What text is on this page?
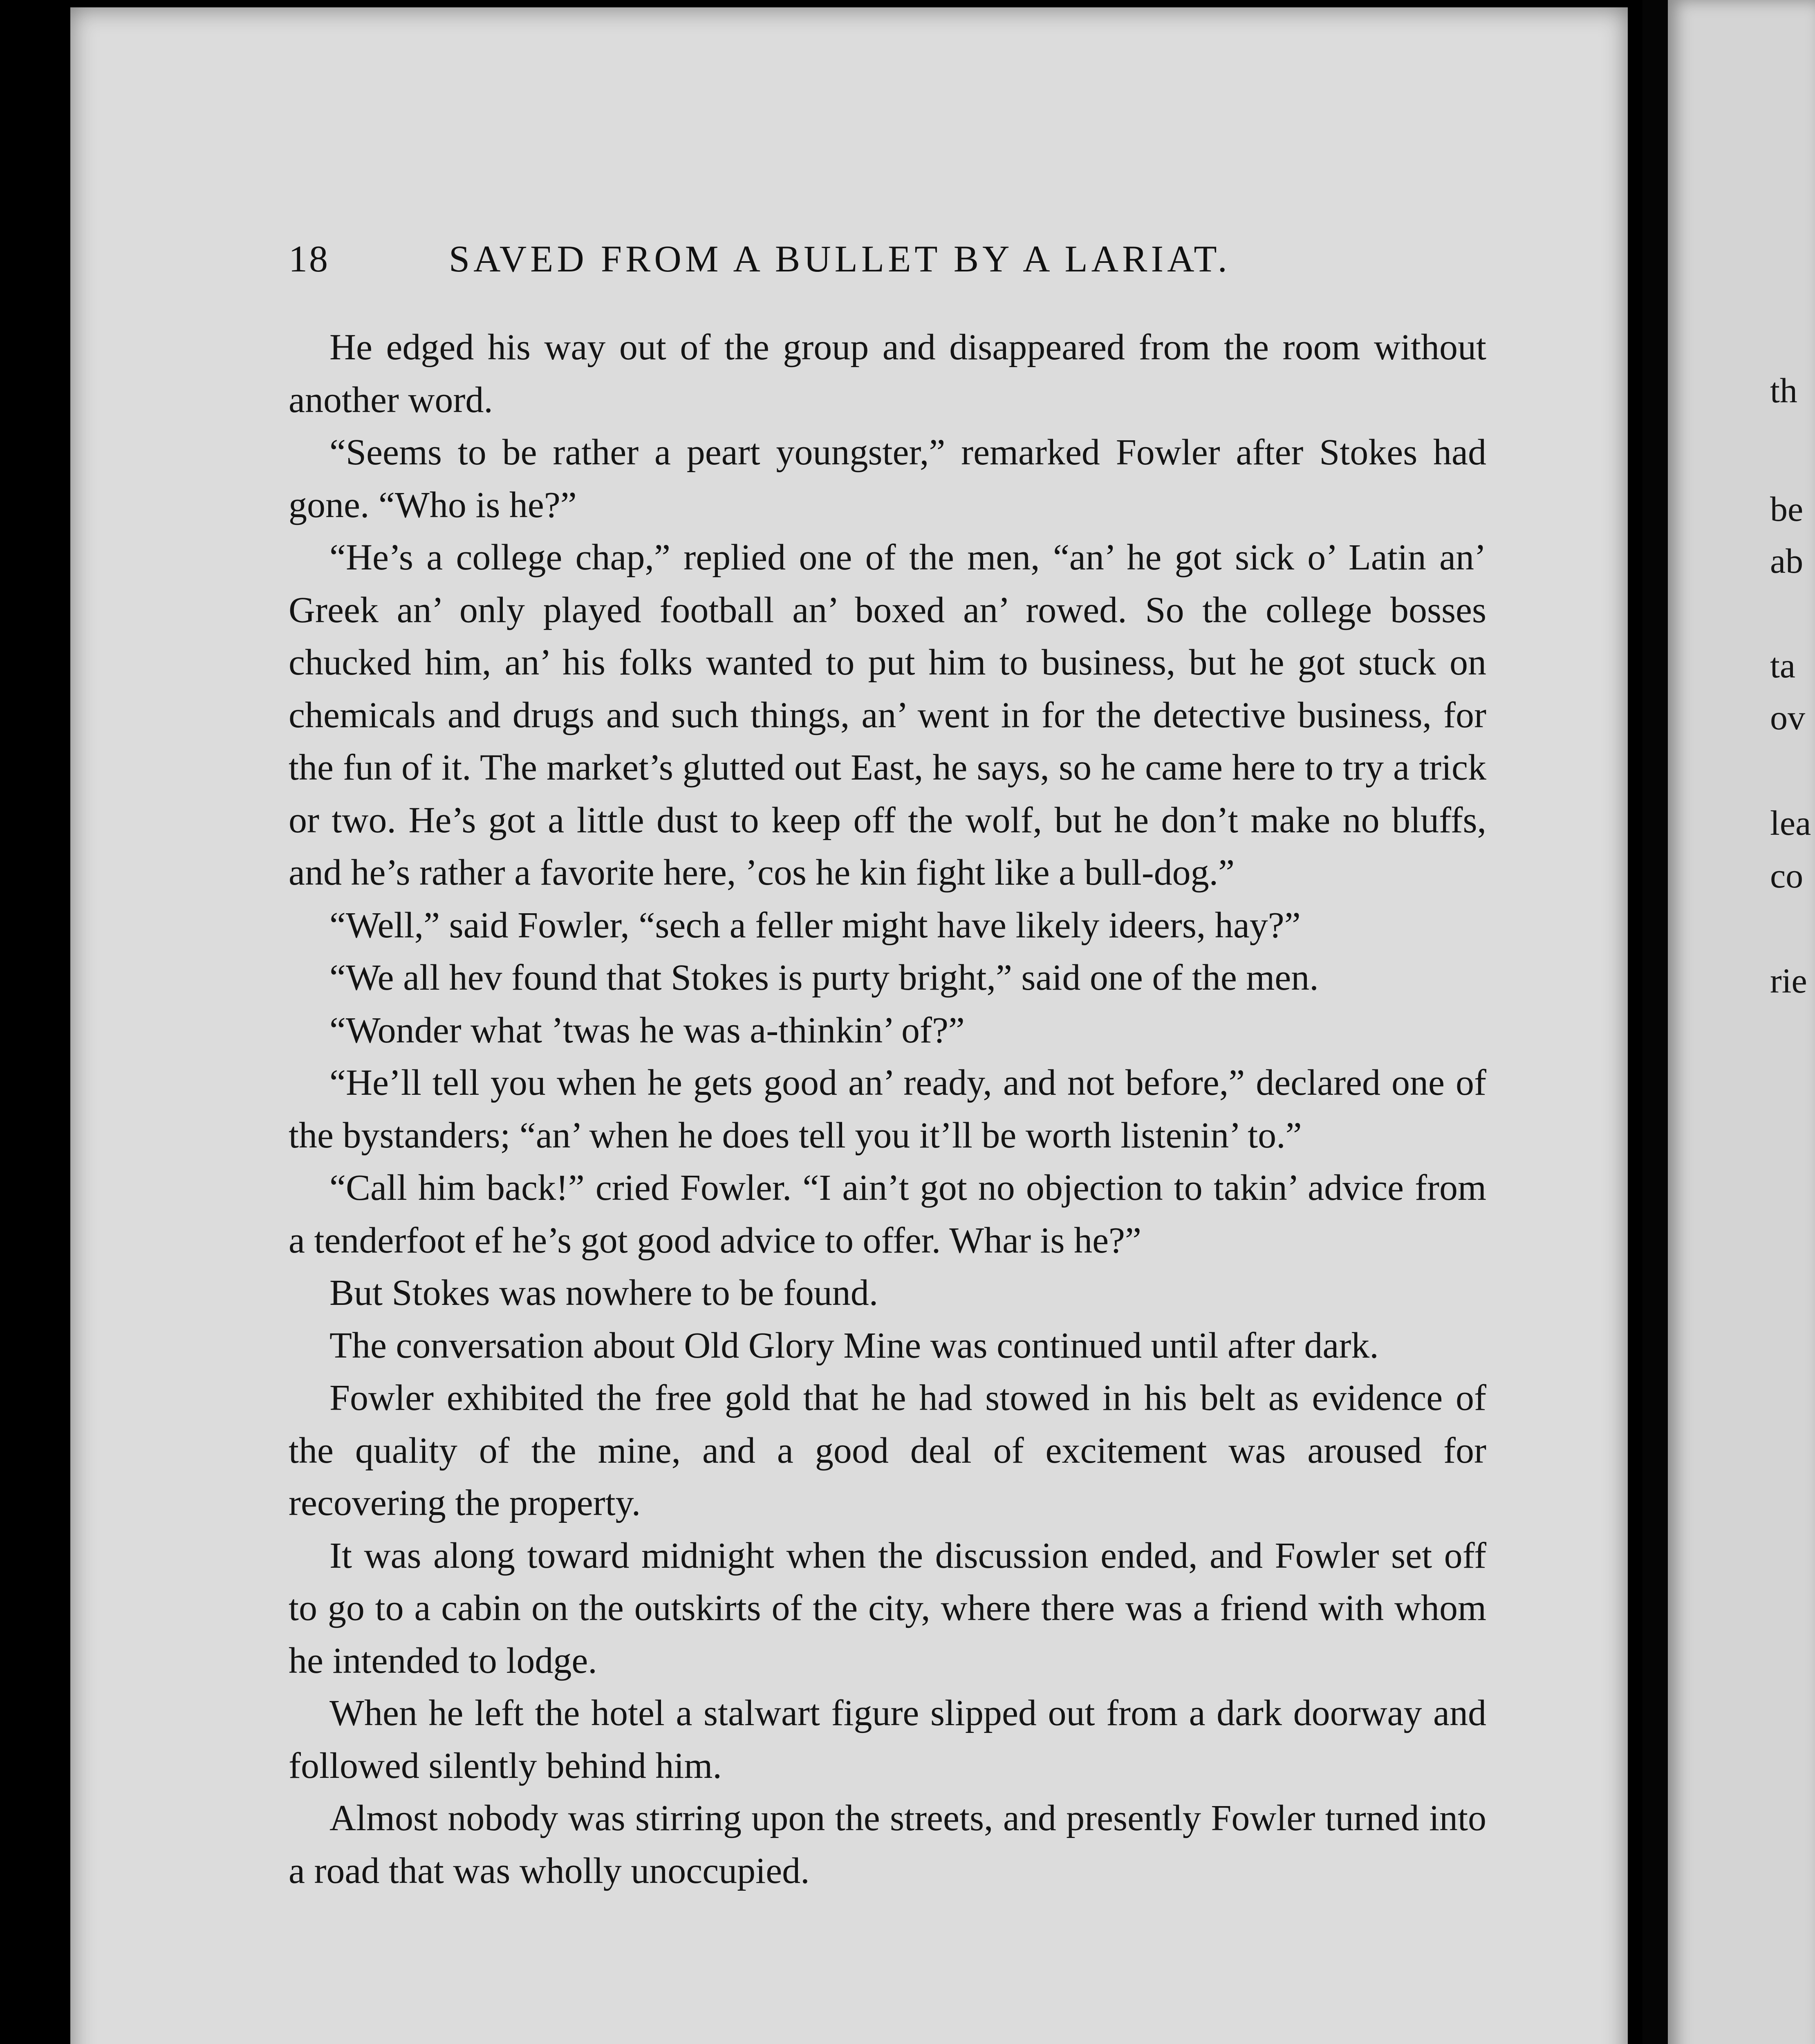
18	SAVED FROM A BULLET BY A LARIAT.

He edged his way out of the group and disappeared from the room without another word.

“Seems to be rather a peart youngster,” remarked Fowler after Stokes had gone. “Who is he?”

“He’s a college chap,” replied one of the men, “an’ he got sick o’ Latin an’ Greek an’ only played football an’ boxed an’ rowed. So the college bosses chucked him, an’ his folks wanted to put him to business, but he got stuck on chemicals and drugs and such things, an’ went in for the detective business, for the fun of it. The market’s glutted out East, he says, so he came here to try a trick or two. He’s got a little dust to keep off the wolf, but he don’t make no bluffs, and he’s rather a favorite here, ’cos he kin fight like a bull-dog.”

“Well,” said Fowler, “sech a feller might have likely ideers, hay?”

“We all hev found that Stokes is purty bright,” said one of the men.

“Wonder what ’twas he was a-thinkin’ of?”

“He’ll tell you when he gets good an’ ready, and not before,” declared one of the bystanders; “an’ when he does tell you it’ll be worth listenin’ to.”

“Call him back!” cried Fowler. “I ain’t got no objection to takin’ advice from a tenderfoot ef he’s got good advice to offer. Whar is he?”

But Stokes was nowhere to be found.

The conversation about Old Glory Mine was continued until after dark.

Fowler exhibited the free gold that he had stowed in his belt as evidence of the quality of the mine, and a good deal of excitement was aroused for recovering the property.

It was along toward midnight when the discussion ended, and Fowler set off to go to a cabin on the outskirts of the city, where there was a friend with whom he intended to lodge.

When he left the hotel a stalwart figure slipped out from a dark doorway and followed silently behind him.

Almost nobody was stirring upon the streets, and presently Fowler turned into a road that was wholly unoccupied.

th
be
ab
ta
ov
lea
co
rie
